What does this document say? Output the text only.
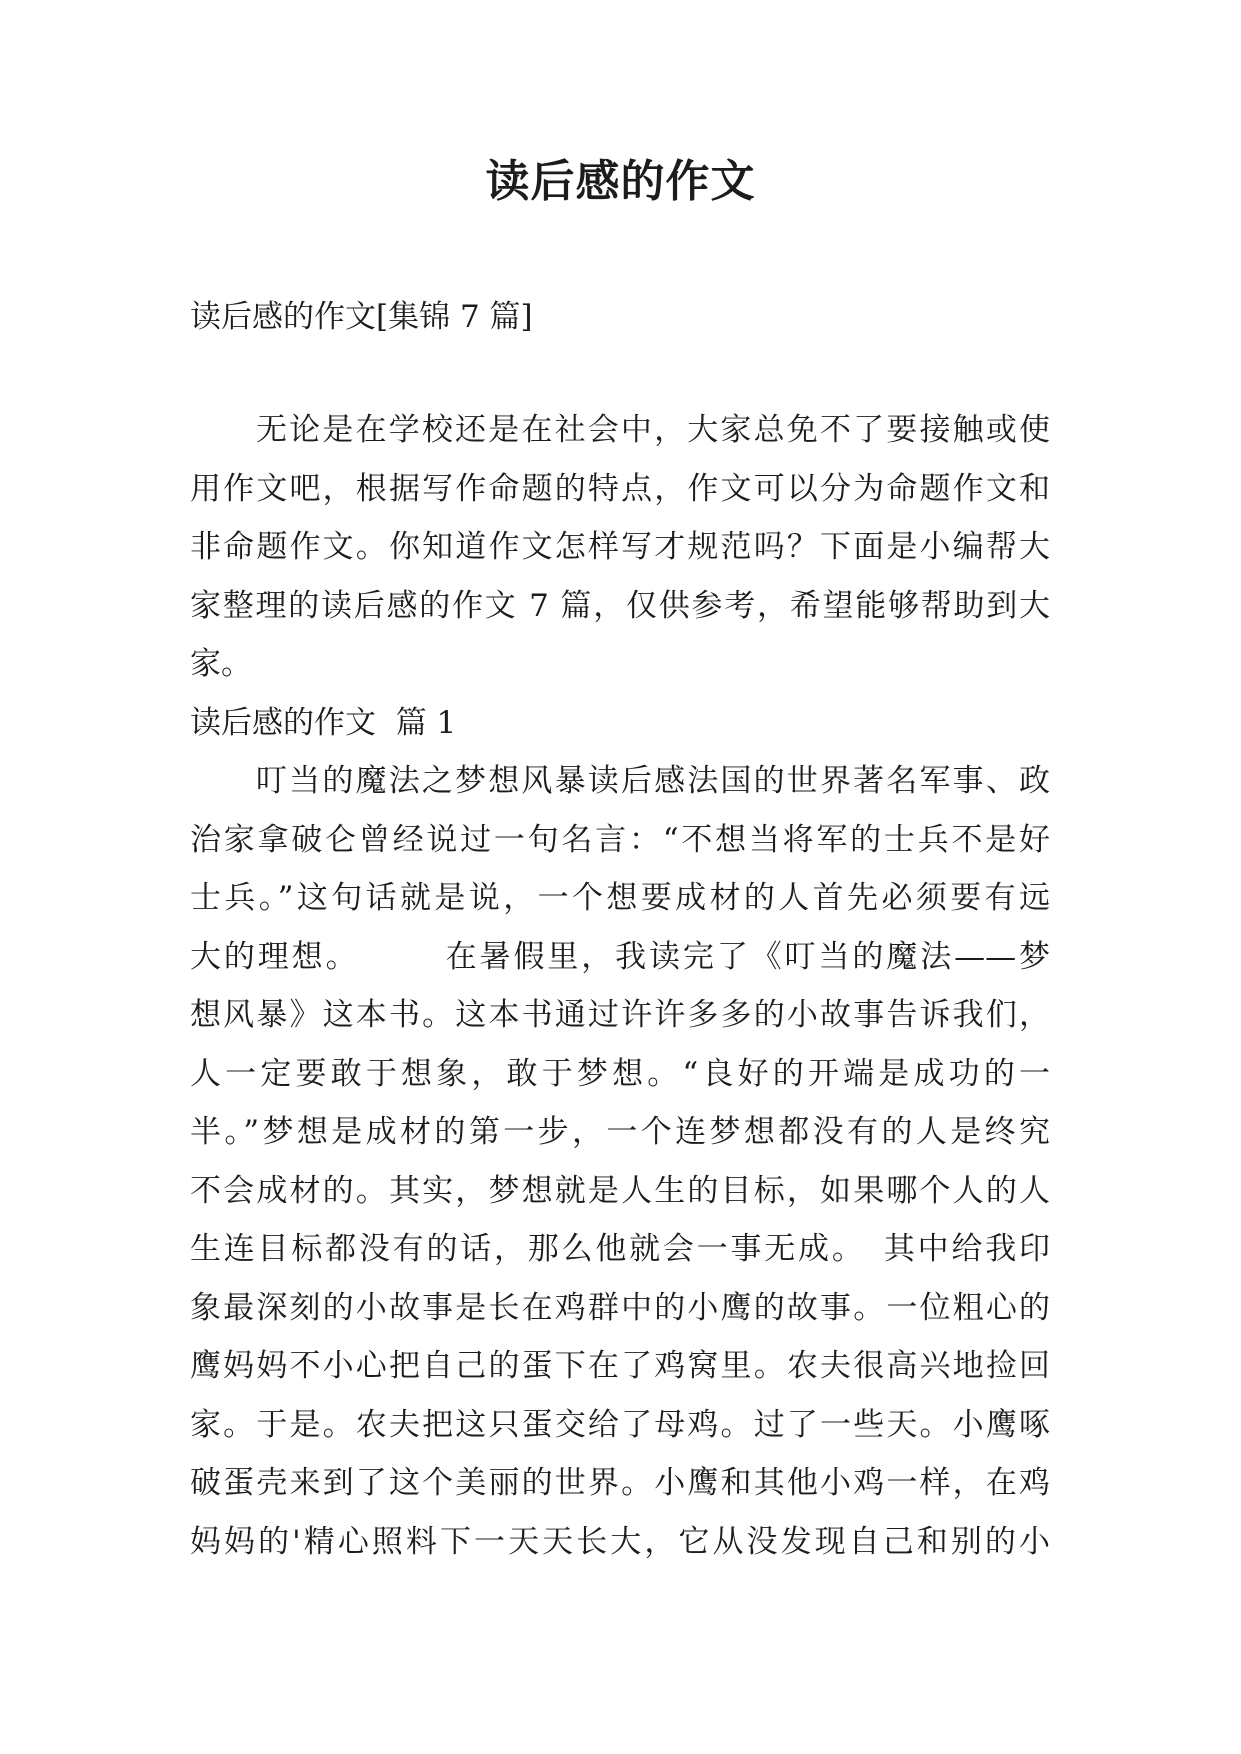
读后感的作文
读后感的作文[集锦 7 篇]
无论是在学校还是在社会中，大家总免不了要接触或使
用作文吧，根据写作命题的特点，作文可以分为命题作文和
非命题作文。你知道作文怎样写才规范吗？下面是小编帮大
家整理的读后感的作文 7 篇，仅供参考，希望能够帮助到大
家。
读后感的作文  篇 1
叮当的魔法之梦想风暴读后感法国的世界著名军事、政
治家拿破仑曾经说过一句名言：“不想当将军的士兵不是好
士兵。”这句话就是说，一个想要成材的人首先必须要有远
大的理想。　　　在暑假里，我读完了《叮当的魔法——梦
想风暴》这本书。这本书通过许许多多的小故事告诉我们，
人一定要敢于想象，敢于梦想。“良好的开端是成功的一
半。”梦想是成材的第一步，一个连梦想都没有的人是终究
不会成材的。其实，梦想就是人生的目标，如果哪个人的人
生连目标都没有的话，那么他就会一事无成。　其中给我印
象最深刻的小故事是长在鸡群中的小鹰的故事。一位粗心的
鹰妈妈不小心把自己的蛋下在了鸡窝里。农夫很高兴地捡回
家。于是。农夫把这只蛋交给了母鸡。过了一些天。小鹰啄
破蛋壳来到了这个美丽的世界。小鹰和其他小鸡一样，在鸡
妈妈的'精心照料下一天天长大，它从没发现自己和别的小
